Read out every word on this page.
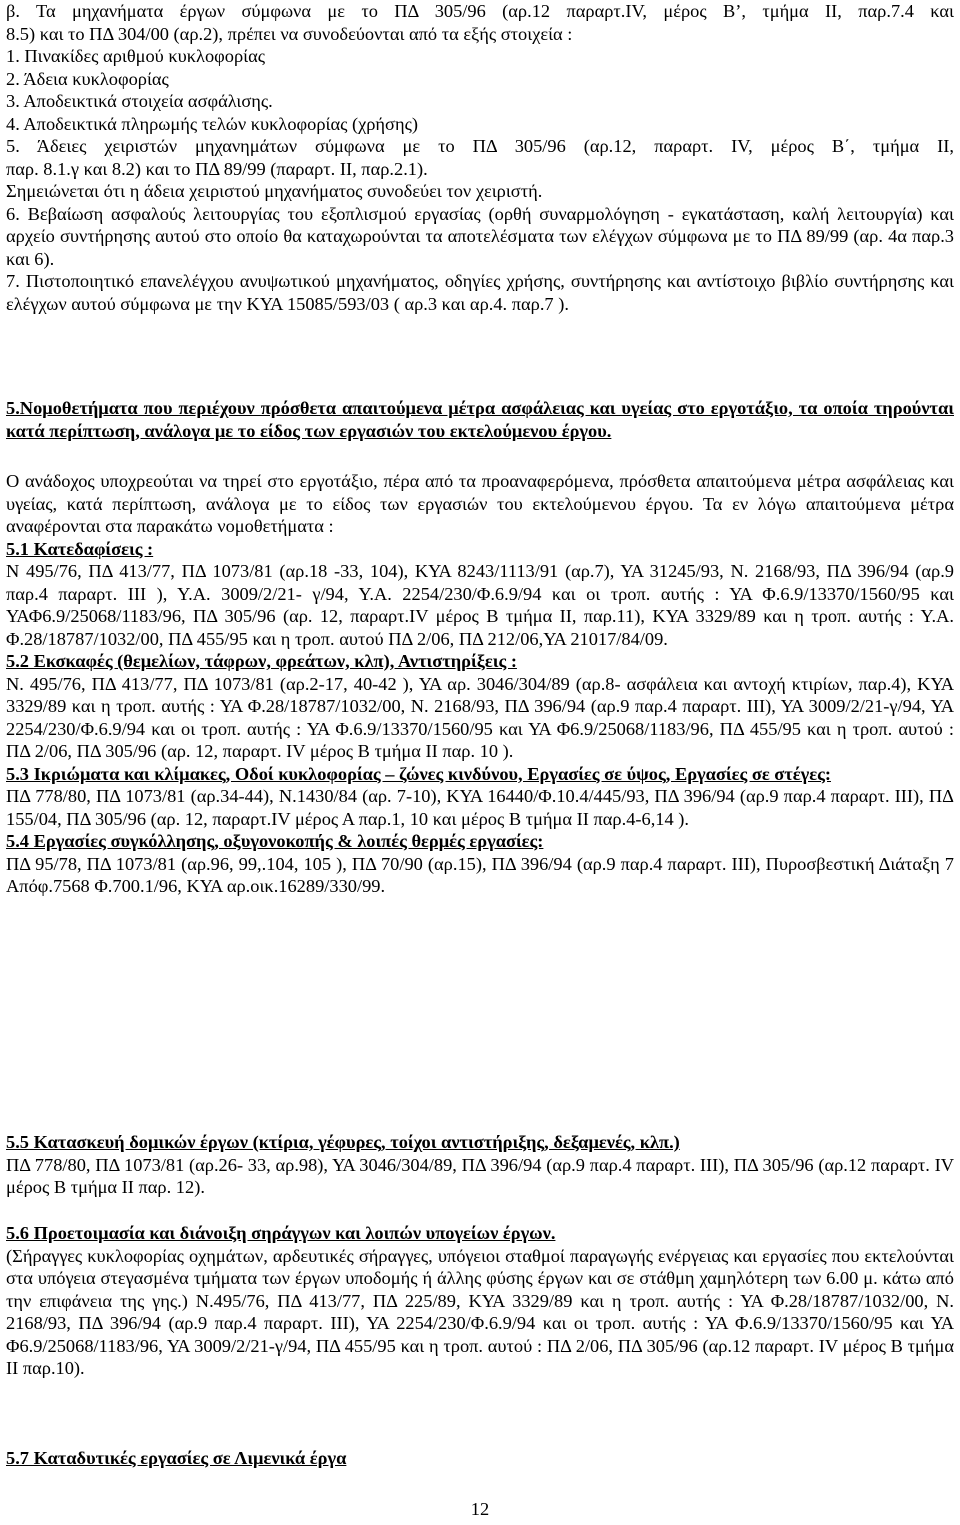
β. Τα μηχανήματα έργων σύμφωνα με το ΠΔ 305/96 (αρ.12 παραρτ.IV, μέρος Β’, τμήμα ΙΙ, παρ.7.4 και

8.5) και το ΠΔ 304/00 (αρ.2), πρέπει να συνοδεύονται από τα εξής στοιχεία :

1. Πινακίδες αριθμού κυκλοφορίας

2. Άδεια κυκλοφορίας

3. Αποδεικτικά στοιχεία ασφάλισης.

4. Αποδεικτικά πληρωμής τελών κυκλοφορίας (χρήσης)

5. Άδειες χειριστών μηχανημάτων σύμφωνα με το ΠΔ 305/96 (αρ.12, παραρτ. IV, μέρος Β΄, τμήμα ΙΙ,

παρ. 8.1.γ και 8.2) και το ΠΔ 89/99 (παραρτ. ΙΙ, παρ.2.1).

Σημειώνεται ότι η άδεια χειριστού μηχανήματος συνοδεύει τον χειριστή.

6. Βεβαίωση ασφαλούς λειτουργίας του εξοπλισμού εργασίας (ορθή συναρμολόγηση - εγκατάσταση, καλή λειτουργία) και αρχείο συντήρησης αυτού στο οποίο θα καταχωρούνται τα αποτελέσματα των ελέγχων σύμφωνα με το ΠΔ 89/99 (αρ. 4α παρ.3 και 6).

7. Πιστοποιητικό επανελέγχου ανυψωτικού μηχανήματος, οδηγίες χρήσης, συντήρησης και αντίστοιχο βιβλίο συντήρησης και ελέγχων αυτού σύμφωνα με την ΚΥΑ 15085/593/03 ( αρ.3 και αρ.4. παρ.7 ).

5.Νομοθετήματα που περιέχουν πρόσθετα απαιτούμενα μέτρα ασφάλειας και υγείας στο εργοτάξιο, τα οποία τηρούνται κατά περίπτωση, ανάλογα με το είδος των εργασιών του εκτελούμενου έργου.

Ο ανάδοχος υποχρεούται να τηρεί στο εργοτάξιο, πέρα από τα προαναφερόμενα, πρόσθετα απαιτούμενα μέτρα ασφάλειας και υγείας, κατά περίπτωση, ανάλογα με το είδος των εργασιών του εκτελούμενου έργου. Τα εν λόγω απαιτούμενα μέτρα αναφέρονται στα παρακάτω νομοθετήματα :

5.1 Κατεδαφίσεις :

Ν 495/76, ΠΔ 413/77, ΠΔ 1073/81 (αρ.18 -33, 104), ΚΥΑ 8243/1113/91 (αρ.7), ΥΑ 31245/93, Ν. 2168/93, ΠΔ 396/94 (αρ.9 παρ.4 παραρτ. ΙΙΙ ), Υ.Α. 3009/2/21- γ/94, Υ.Α. 2254/230/Φ.6.9/94 και οι τροπ. αυτής : ΥΑ Φ.6.9/13370/1560/95 και ΥΑΦ6.9/25068/1183/96, ΠΔ 305/96 (αρ. 12, παραρτ.IV μέρος Β τμήμα ΙΙ, παρ.11), ΚΥΑ 3329/89 και η τροπ. αυτής : Υ.Α. Φ.28/18787/1032/00, ΠΔ 455/95 και η τροπ. αυτού ΠΔ 2/06, ΠΔ 212/06,ΥΑ 21017/84/09.

5.2 Εκσκαφές (θεμελίων, τάφρων, φρεάτων, κλπ), Αντιστηρίξεις :

Ν. 495/76, ΠΔ 413/77, ΠΔ 1073/81 (αρ.2-17, 40-42 ), ΥΑ αρ. 3046/304/89 (αρ.8- ασφάλεια και αντοχή κτιρίων, παρ.4), ΚΥΑ 3329/89 και η τροπ. αυτής : ΥΑ Φ.28/18787/1032/00, Ν. 2168/93, ΠΔ 396/94 (αρ.9 παρ.4 παραρτ. ΙΙΙ), ΥΑ 3009/2/21-γ/94, ΥΑ 2254/230/Φ.6.9/94 και οι τροπ. αυτής : ΥΑ Φ.6.9/13370/1560/95 και ΥΑ Φ6.9/25068/1183/96, ΠΔ 455/95 και η τροπ. αυτού : ΠΔ 2/06, ΠΔ 305/96 (αρ. 12, παραρτ. IV μέρος Β τμήμα ΙΙ παρ. 10 ).

5.3 Ικριώματα και κλίμακες, Οδοί κυκλοφορίας – ζώνες κινδύνου, Εργασίες σε ύψος, Εργασίες σε στέγες:

ΠΔ 778/80, ΠΔ 1073/81 (αρ.34-44), Ν.1430/84 (αρ. 7-10), ΚΥΑ 16440/Φ.10.4/445/93, ΠΔ 396/94 (αρ.9 παρ.4 παραρτ. ΙΙΙ), ΠΔ 155/04, ΠΔ 305/96 (αρ. 12, παραρτ.IV μέρος Α παρ.1, 10 και μέρος Β τμήμα ΙΙ παρ.4-6,14 ).

5.4 Εργασίες συγκόλλησης, οξυγονοκοπής & λοιπές θερμές εργασίες:

ΠΔ 95/78, ΠΔ 1073/81 (αρ.96, 99,.104, 105 ), ΠΔ 70/90 (αρ.15), ΠΔ 396/94 (αρ.9 παρ.4 παραρτ. ΙΙΙ), Πυροσβεστική Διάταξη 7 Απόφ.7568 Φ.700.1/96, ΚΥΑ αρ.οικ.16289/330/99.

5.5 Κατασκευή δομικών έργων (κτίρια, γέφυρες, τοίχοι αντιστήριξης, δεξαμενές, κλπ.)

ΠΔ 778/80, ΠΔ 1073/81 (αρ.26- 33, αρ.98), ΥΑ 3046/304/89, ΠΔ 396/94 (αρ.9 παρ.4 παραρτ. ΙΙΙ), ΠΔ 305/96 (αρ.12 παραρτ. IV μέρος Β τμήμα ΙΙ παρ. 12).

5.6 Προετοιμασία και διάνοιξη σηράγγων και λοιπών υπογείων έργων.

(Σήραγγες κυκλοφορίας οχημάτων, αρδευτικές σήραγγες, υπόγειοι σταθμοί παραγωγής ενέργειας και εργασίες που εκτελούνται στα υπόγεια στεγασμένα τμήματα των έργων υποδομής ή άλλης φύσης έργων και σε στάθμη χαμηλότερη των 6.00 μ. κάτω από την επιφάνεια της γης.) Ν.495/76, ΠΔ 413/77, ΠΔ 225/89, ΚΥΑ 3329/89 και η τροπ. αυτής : ΥΑ Φ.28/18787/1032/00, Ν. 2168/93, ΠΔ 396/94 (αρ.9 παρ.4 παραρτ. ΙΙΙ), ΥΑ 2254/230/Φ.6.9/94 και οι τροπ. αυτής : ΥΑ Φ.6.9/13370/1560/95 και ΥΑ Φ6.9/25068/1183/96, ΥΑ 3009/2/21-γ/94, ΠΔ 455/95 και η τροπ. αυτού : ΠΔ 2/06, ΠΔ 305/96 (αρ.12 παραρτ. IV μέρος Β τμήμα ΙΙ παρ.10).

5.7 Καταδυτικές εργασίες σε Λιμενικά έργα

12
